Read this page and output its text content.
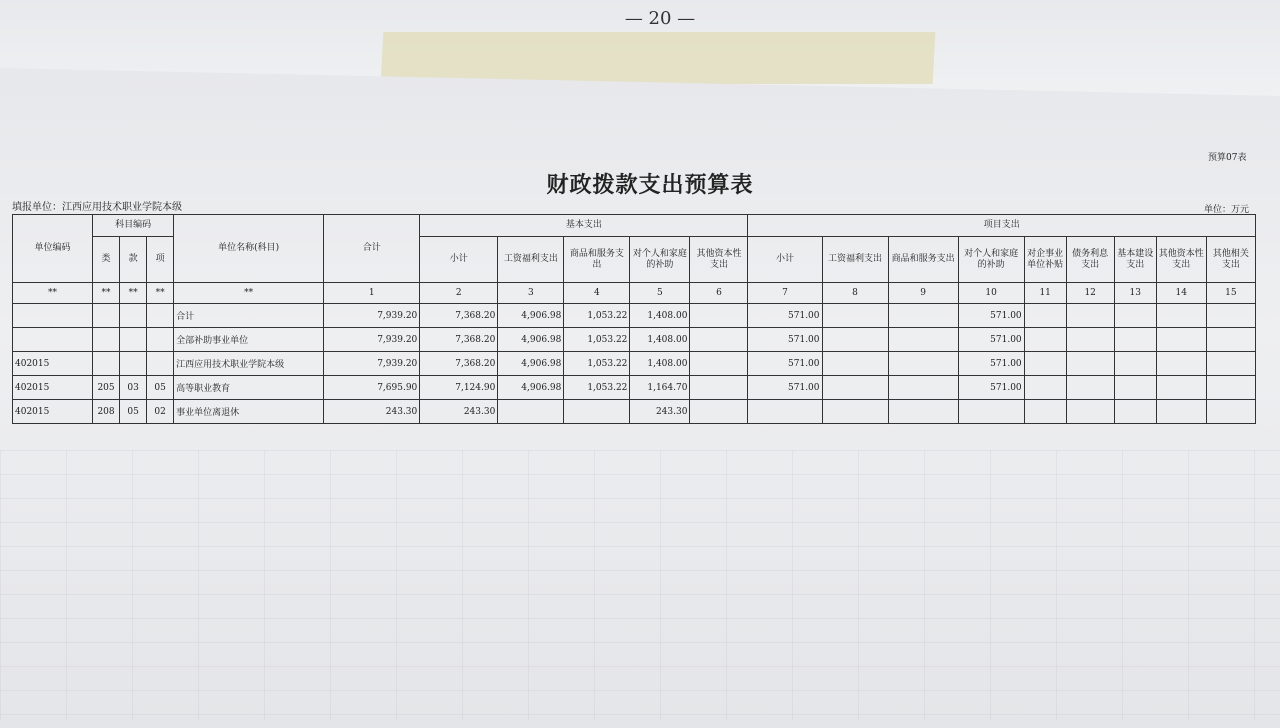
— 20 —
预算07表
财政拨款支出预算表
填报单位：江西应用技术职业学院本级	单位：万元
单位编码	科目编码			单位名称(科目)	合计	基本支出					项目支出								
	类	款	项			小计	工资福利支出	商品和服务支出	对个人和家庭的补助	其他资本性支出	小计	工资福利支出	商品和服务支出	对个人和家庭的补助	对企事业单位补贴	债务利息支出	基本建设支出	其他资本性支出	其他相关支出
**	**	**	**	**	1	2	3	4	5	6	7	8	9	10	11	12	13	14	15
				合计	7,939.20	7,368.20	4,906.98	1,053.22	1,408.00		571.00			571.00					
				全部补助事业单位	7,939.20	7,368.20	4,906.98	1,053.22	1,408.00		571.00			571.00					
402015				江西应用技术职业学院本级	7,939.20	7,368.20	4,906.98	1,053.22	1,408.00		571.00			571.00					
402015	205	03	05	高等职业教育	7,695.90	7,124.90	4,906.98	1,053.22	1,164.70		571.00			571.00					
402015	208	05	02	事业单位离退休	243.30	243.30			243.30										
